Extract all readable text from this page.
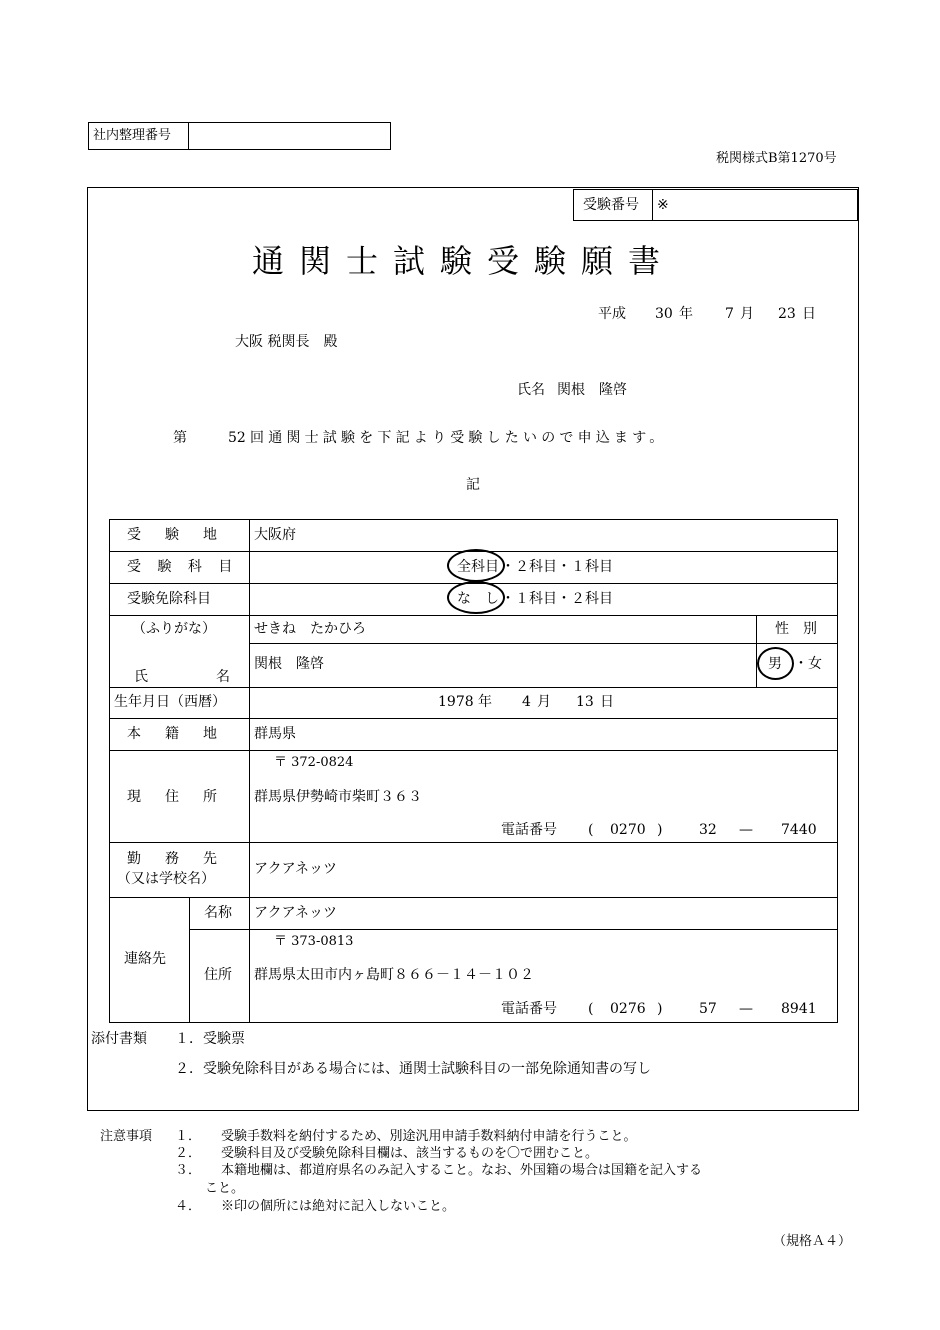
社内整理番号
税関様式B第1270号
受験番号 ※
通関士試験受験願書
平成 30 年 7 月 23 日
大阪 税関長　殿
氏名 関根　隆啓
第	52 回通関士試験を下記より受験したいので申込ます。
記
受　験　地 大阪府
受 験 科 目	全科目 ・２科目・１科目
受験免除科目	な　し ・１科目・２科目
（ふりがな）	せきね　たかひろ	性　別
氏	名
関根　隆啓	男 ・女
生年月日（西暦）	1978 年 4 月 13 日
本　籍　地 群馬県
現　住　所
〒 372-0824
群馬県伊勢崎市柴町３６３
電話番号 ( 0270 )	32 — 7440
勤　務　先
（又は学校名）
アクアネッツ
連絡先
名称 アクアネッツ
住所
〒 373-0813
群馬県太田市内ヶ島町８６６－１４－１０２
電話番号 ( 0276 )	57 — 8941
添付書類 １．受験票
２．受験免除科目がある場合には、通関士試験科目の一部免除通知書の写し
注意事項 １． 受験手数料を納付するため、別途汎用申請手数料納付申請を行うこと。
２． 受験科目及び受験免除科目欄は、該当するものを〇で囲むこと。
３． 本籍地欄は、都道府県名のみ記入すること。なお、外国籍の場合は国籍を記入する
こと。
４． ※印の個所には絶対に記入しないこと。
（規格Ａ４）
